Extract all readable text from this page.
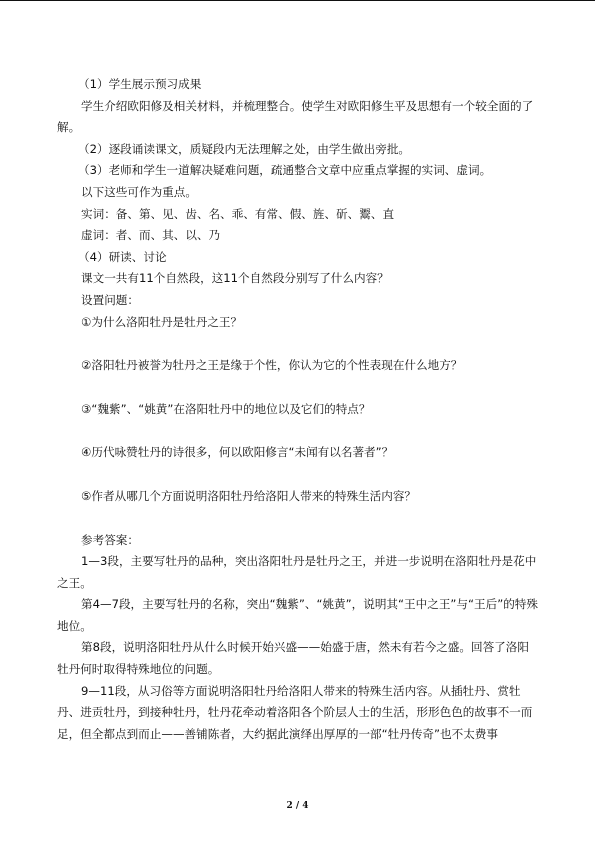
（1）学生展示预习成果

学生介绍欧阳修及相关材料，并梳理整合。使学生对欧阳修生平及思想有一个较全面的了解。

（2）逐段诵读课文，质疑段内无法理解之处，由学生做出旁批。

（3）老师和学生一道解决疑难问题，疏通整合文章中应重点掌握的实词、虚词。

以下这些可作为重点。

实词：备、第、见、齿、名、乖、有常、假、旌、斫、鬻、直

虚词：者、而、其、以、乃

（4）研读、讨论

课文一共有11个自然段，这11个自然段分别写了什么内容？

设置问题：

①为什么洛阳牡丹是牡丹之王？

②洛阳牡丹被誉为牡丹之王是缘于个性，你认为它的个性表现在什么地方？

③“魏紫”、“姚黄”在洛阳牡丹中的地位以及它们的特点？

④历代咏赞牡丹的诗很多，何以欧阳修言“未闻有以名著者”？

⑤作者从哪几个方面说明洛阳牡丹给洛阳人带来的特殊生活内容？

参考答案：

1—3段，主要写牡丹的品种，突出洛阳牡丹是牡丹之王，并进一步说明在洛阳牡丹是花中之王。

第4—7段，主要写牡丹的名称，突出“魏紫”、“姚黄”，说明其“王中之王”与“王后”的特殊地位。

第8段，说明洛阳牡丹从什么时候开始兴盛——始盛于唐，然未有若今之盛。回答了洛阳牡丹何时取得特殊地位的问题。

9—11段，从习俗等方面说明洛阳牡丹给洛阳人带来的特殊生活内容。从插牡丹、赏牡丹、进贡牡丹，到接种牡丹，牡丹花牵动着洛阳各个阶层人士的生活，形形色色的故事不一而足，但全都点到而止——善铺陈者，大约据此演绎出厚厚的一部“牡丹传奇”也不太费事

2 / 4
